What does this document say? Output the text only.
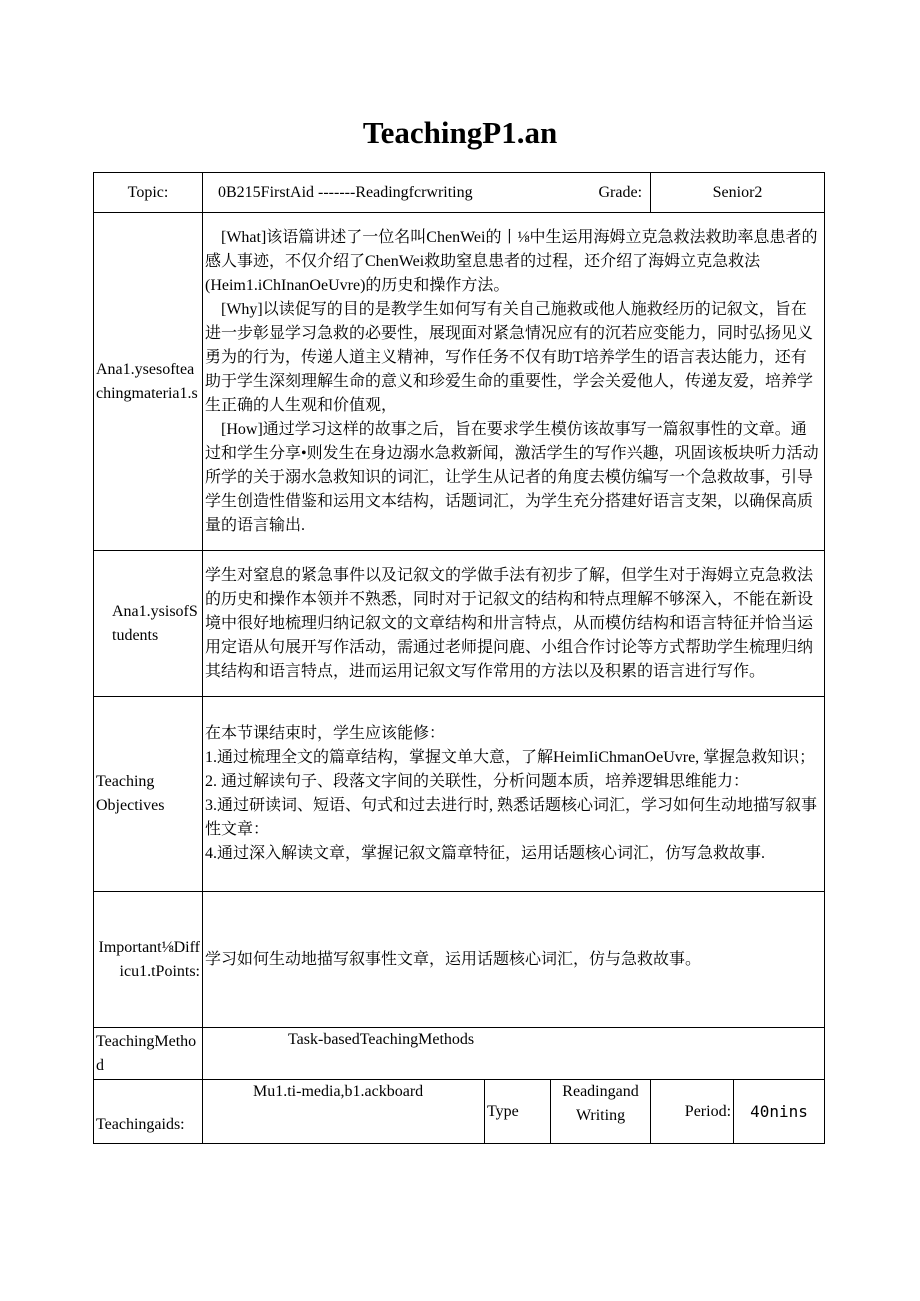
TeachingP1.an
Topic:	0B215FirstAid -------Readingfcrwriting Grade:			Senior2	
Ana1.ysesofteachingmateria1.s	[What]该语篇讲述了一位名叫ChenWei的丨⅛中生运用海姆立克急救法救助率息患者的感人事迹，不仅介绍了ChenWei救助窒息患者的过程，还介绍了海姆立克急救法(Heim1.iChInanOeUvre)的历史和操作方法。

[Why]以读促写的目的是教学生如何写有关自己施救或他人施救经历的记叙文，旨在进一步彰显学习急救的必要性，展现面对紧急情况应有的沉若应变能力，同时弘扬见义勇为的行为，传递人道主义精神，写作任务不仅有助T培养学生的语言表达能力，还有助于学生深刻理解生命的意义和珍爱生命的重要性，学会关爱他人，传递友爱，培养学生正确的人生观和价值观，

[How]通过学习这样的故事之后，旨在要求学生模仿该故事写一篇叙事性的文章。通过和学生分享•则发生在身边溺水急救新闻，激活学生的写作兴趣，巩固该板块听力活动所学的关于溺水急救知识的词汇，让学生从记者的角度去模仿编写一个急救故事，引导学生创造性借鉴和运用文本结构，话题词汇，为学生充分搭建好语言支架，以确保高质量的语言输出.				

Ana1.ysisofStudents	学生对窒息的紧急事件以及记叙文的学做手法有初步了解，但学生对于海姆立克急救法的历史和操作本领并不熟悉，同时对于记叙文的结构和特点理解不够深入，不能在新设境中很好地梳理归纳记叙文的文章结构和卅言特点，从而模仿结构和语言特征并恰当运用定语从句展开写作活动，需通过老师提问鹿、小组合作讨论等方式帮助学生梳理归纳其结构和语言特点，进而运用记叙文写作常用的方法以及积累的语言进行写作。				
Teaching Objectives	在本节课结束时，学生应该能修：

1.通过梳理全文的篇章结构，掌握文单大意，了解HeimIiChmanOeUvre, 掌握急救知识；

2. 通过解读句子、段落文字间的关联性，分析问题本质，培养逻辑思维能力：

3.通过研读词、短语、句式和过去进行时, 熟悉话题核心词汇，学习如何生动地描写叙事性文章：

4.通过深入解读文章，掌握记叙文篇章特征，运用话题核心词汇，仿写急救故事.				

Important⅛Difficu1.tPoints:	学习如何生动地描写叙事性文章，运用话题核心词汇，仿与急救故事。				
TeachingMethod	Task-basedTeachingMethods				
Teachingaids:	Mu1.ti-media,b1.ackboard	Type	Readingand Writing	Period:	40nins
